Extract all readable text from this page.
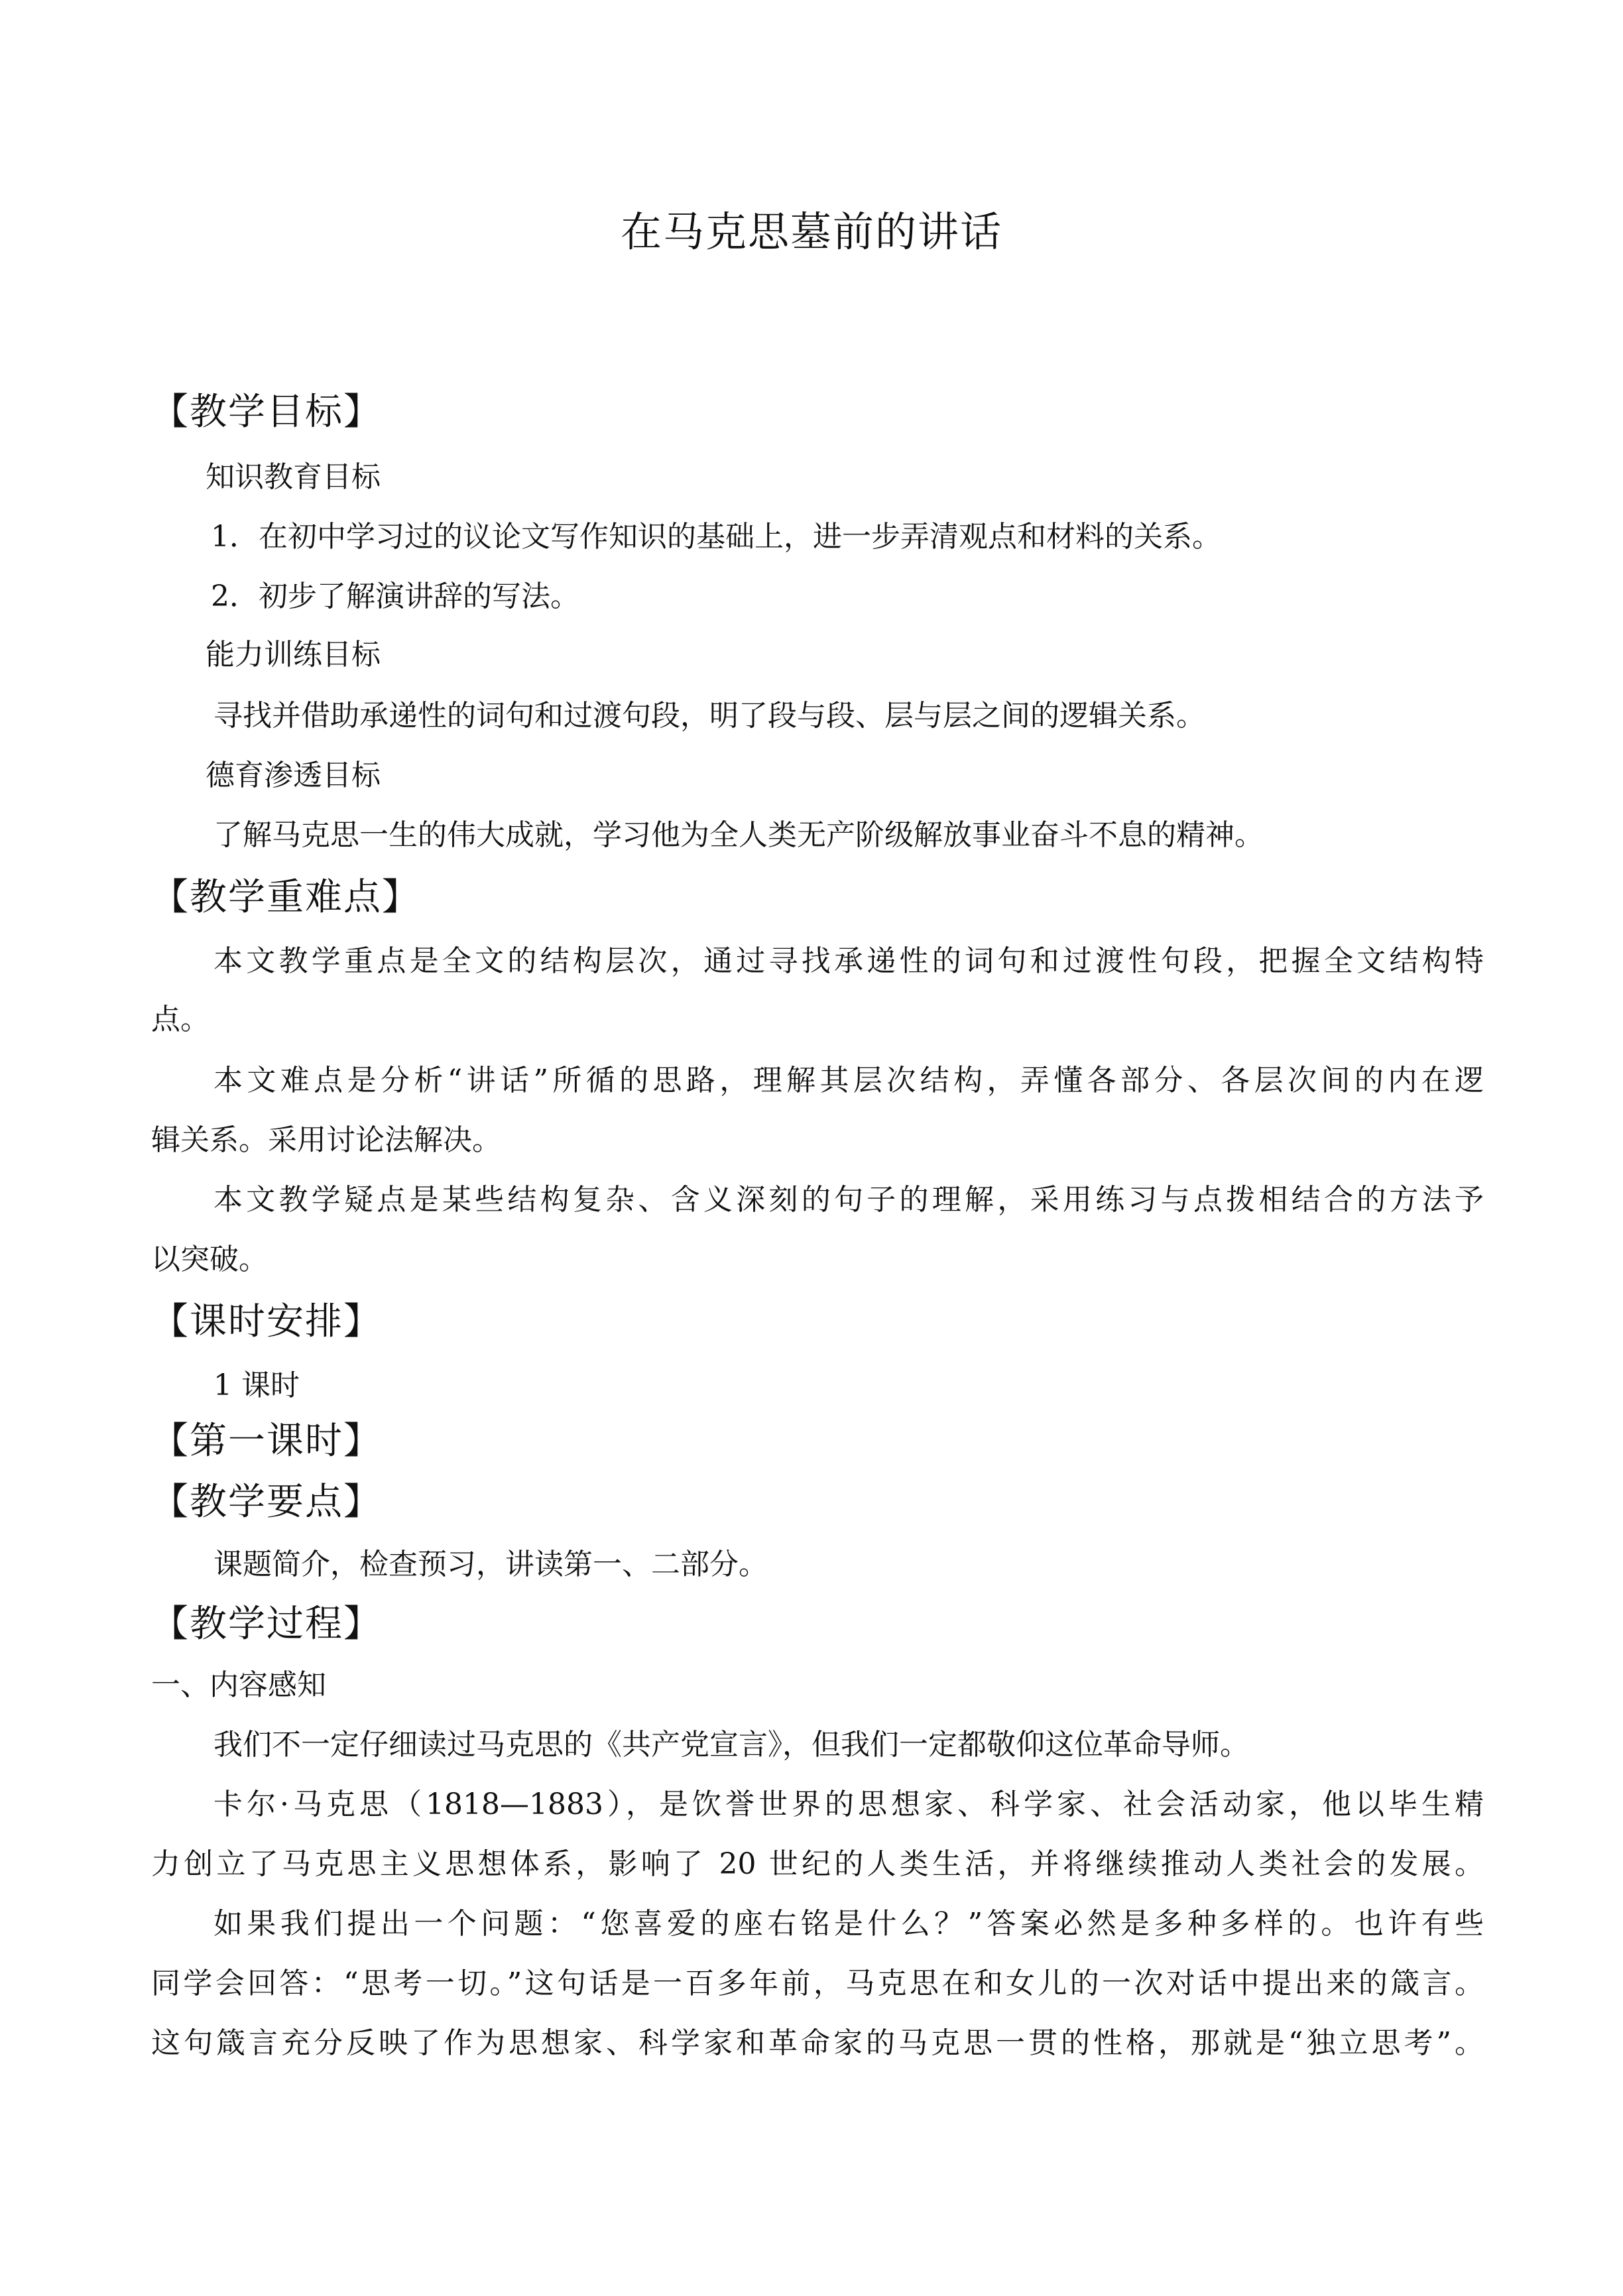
在马克思墓前的讲话
【教学目标】
知识教育目标
1．在初中学习过的议论文写作知识的基础上，进一步弄清观点和材料的关系。
2．初步了解演讲辞的写法。
能力训练目标
寻找并借助承递性的词句和过渡句段，明了段与段、层与层之间的逻辑关系。
德育渗透目标
了解马克思一生的伟大成就，学习他为全人类无产阶级解放事业奋斗不息的精神。
【教学重难点】
本文教学重点是全文的结构层次，通过寻找承递性的词句和过渡性句段，把握全文结构特
点。
本文难点是分析“讲话”所循的思路，理解其层次结构，弄懂各部分、各层次间的内在逻
辑关系。采用讨论法解决。
本文教学疑点是某些结构复杂、含义深刻的句子的理解，采用练习与点拨相结合的方法予
以突破。
【课时安排】
1 课时
【第一课时】
【教学要点】
课题简介，检查预习，讲读第一、二部分。
【教学过程】
一、内容感知
我们不一定仔细读过马克思的《共产党宣言》，但我们一定都敬仰这位革命导师。
卡尔·马克思（1818—1883），是饮誉世界的思想家、科学家、社会活动家，他以毕生精
力创立了马克思主义思想体系，影响了 20 世纪的人类生活，并将继续推动人类社会的发展。
如果我们提出一个问题：“您喜爱的座右铭是什么？”答案必然是多种多样的。也许有些
同学会回答：“思考一切。”这句话是一百多年前，马克思在和女儿的一次对话中提出来的箴言。
这句箴言充分反映了作为思想家、科学家和革命家的马克思一贯的性格，那就是“独立思考”。
